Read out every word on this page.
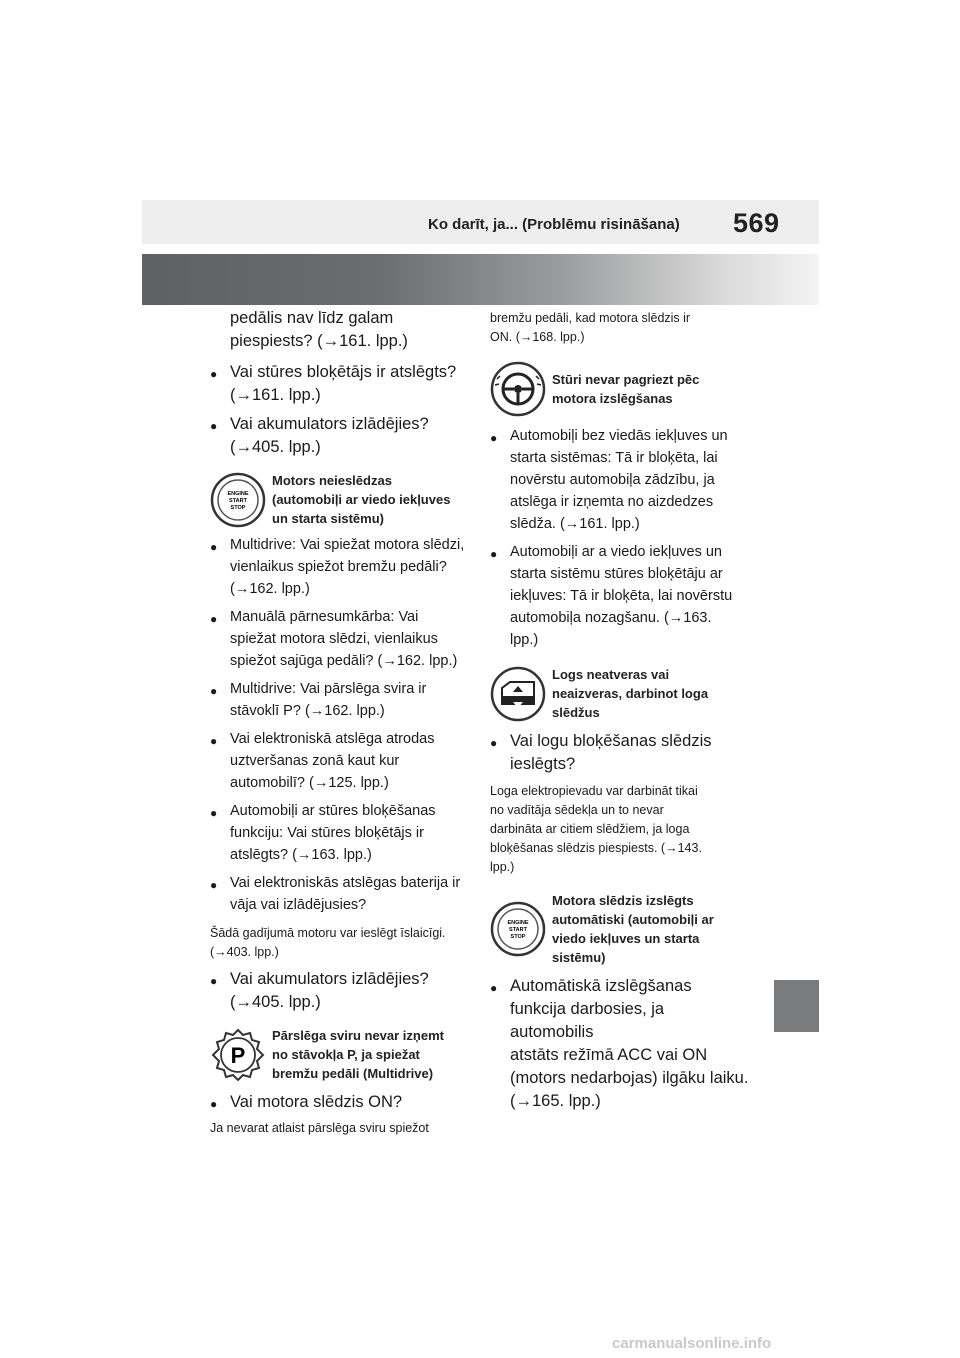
Ko darīt, ja... (Problēmu risināšana) 569
pedālis nav līdz galam
piespiests? (→161. lpp.)
● Vai stūres bloķētājs ir atslēgts?
(→161. lpp.)
● Vai akumulators izlādējies?
(→405. lpp.)
ENGINE
START
STOP
Motors neieslēdzas
(automobiļi ar viedo iekļuves
un starta sistēmu)
● Multidrive: Vai spiežat motora slēdzi,
vienlaikus spiežot bremžu pedāli?
(→162. lpp.)
● Manuālā pārnesumkārba: Vai
spiežat motora slēdzi, vienlaikus
spiežot sajūga pedāli? (→162. lpp.)
● Multidrive: Vai pārslēga svira ir
stāvoklī P? (→162. lpp.)
● Vai elektroniskā atslēga atrodas
uztveršanas zonā kaut kur
automobilī? (→125. lpp.)
● Automobiļi ar stūres bloķēšanas
funkciju: Vai stūres bloķētājs ir
atslēgts? (→163. lpp.)
● Vai elektroniskās atslēgas baterija ir
vāja vai izlādējusies?
Šādā gadījumā motoru var ieslēgt īslaicīgi.
(→403. lpp.)
● Vai akumulators izlādējies?
(→405. lpp.)
P
Pārslēga sviru nevar izņemt
no stāvokļa P, ja spiežat
bremžu pedāli (Multidrive)
● Vai motora slēdzis ON?
Ja nevarat atlaist pārslēga sviru spiežot
bremžu pedāli, kad motora slēdzis ir
ON. (→168. lpp.)
Stūri nevar pagriezt pēc
motora izslēgšanas
● Automobiļi bez viedās iekļuves un
starta sistēmas: Tā ir bloķēta, lai
novērstu automobiļa zādzību, ja
atslēga ir izņemta no aizdedzes
slēdža. (→161. lpp.)
● Automobiļi ar a viedo iekļuves un
starta sistēmu stūres bloķētāju ar
iekļuves: Tā ir bloķēta, lai novērstu
automobiļa nozagšanu. (→163.
lpp.)
Logs neatveras vai
neaizveras, darbinot loga
slēdžus
● Vai logu bloķēšanas slēdzis
ieslēgts?
Loga elektropievadu var darbināt tikai
no vadītāja sēdekļa un to nevar
darbināta ar citiem slēdžiem, ja loga
bloķēšanas slēdzis piespiests. (→143.
lpp.)
ENGINE
START
STOP
Motora slēdzis izslēgts
automātiski (automobiļi ar
viedo iekļuves un starta
sistēmu)
● Automātiskā izslēgšanas
funkcija darbosies, ja automobilis
atstāts režīmā ACC vai ON
(motors nedarbojas) ilgāku laiku.
(→165. lpp.)
carmanualsonline.info
